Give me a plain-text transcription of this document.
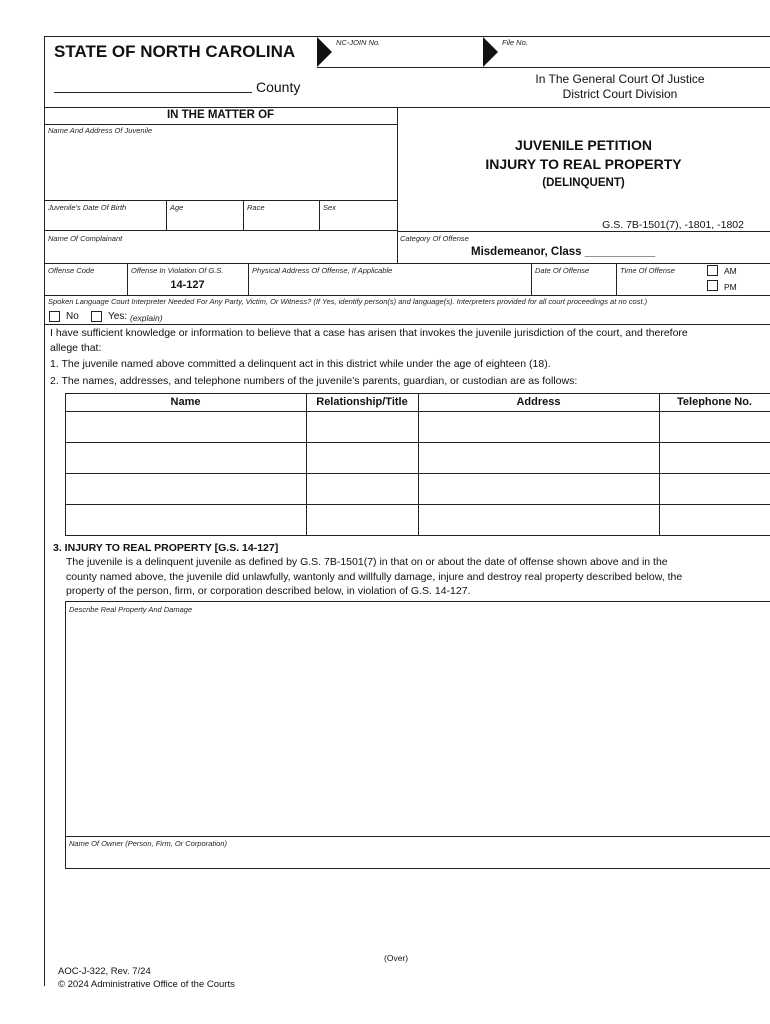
STATE OF NORTH CAROLINA	NC-JOIN No.	File No.
County	In The General Court Of Justice
District Court Division
IN THE MATTER OF
Name And Address Of Juvenile
Juvenile’s Date Of Birth	Age	Race	Sex
Name Of Complainant
JUVENILE PETITION
INJURY TO REAL PROPERTY
(DELINQUENT)
G.S. 7B-1501(7), -1801, -1802
Category Of Offense
Misdemeanor, Class ___________
Offense Code	Offense In Violation Of G.S.
14-127
Physical Address Of Offense, If Applicable	Date Of Offense	Time Of Offense	AM
PM
Spoken Language Court Interpreter Needed For Any Party, Victim, Or Witness? (If Yes, identify person(s) and language(s). Interpreters provided for all court proceedings at no cost.)
No	Yes: (explain)
I have sufficient knowledge or information to believe that a case has arisen that invokes the juvenile jurisdiction of the court, and therefore
allege that:
1. The juvenile named above committed a delinquent act in this district while under the age of eighteen (18).
2. The names, addresses, and telephone numbers of the juvenile’s parents, guardian, or custodian are as follows:
Name	Relationship/Title	Address	Telephone No.
3. INJURY TO REAL PROPERTY [G.S. 14-127]
The juvenile is a delinquent juvenile as defined by G.S. 7B-1501(7) in that on or about the date of offense shown above and in the
county named above, the juvenile did unlawfully, wantonly and willfully damage, injure and destroy real property described below, the
property of the person, firm, or corporation described below, in violation of G.S. 14-127.
Describe Real Property And Damage
Name Of Owner (Person, Firm, Or Corporation)
(Over)
AOC-J-322, Rev. 7/24
© 2024 Administrative Office of the Courts
